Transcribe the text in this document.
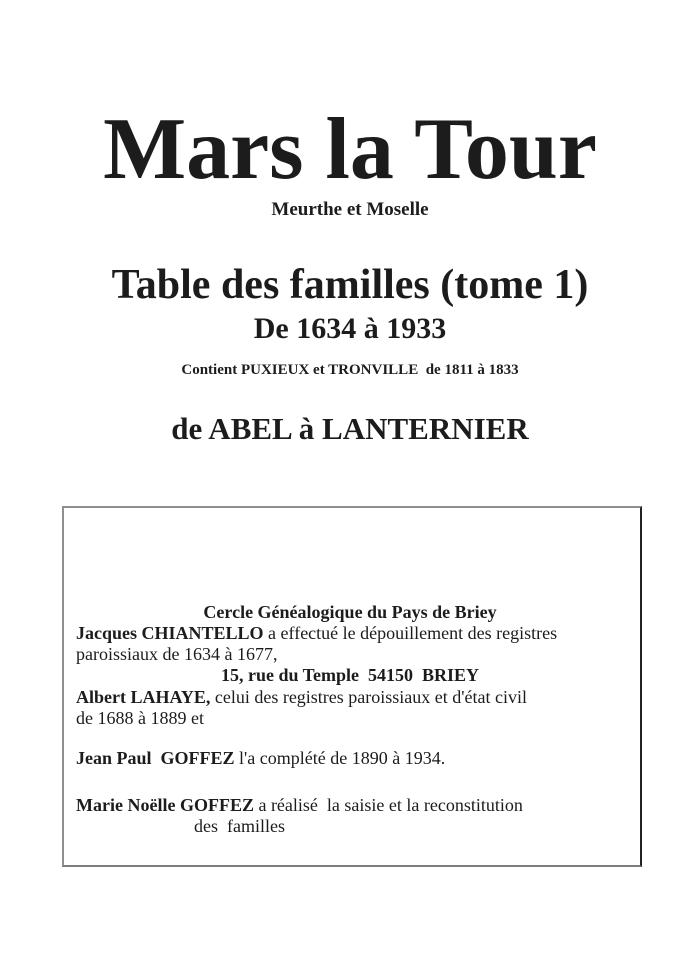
Mars la Tour
Meurthe et Moselle
Table des familles (tome 1)
De 1634 à 1933
Contient PUXIEUX et TRONVILLE  de 1811 à 1833
de ABEL à LANTERNIER

Cercle Généalogique du Pays de Briey

15, rue du Temple  54150  BRIEY

Jacques CHIANTELLO a effectué le dépouillement des registres
paroissiaux de 1634 à 1677,
Albert LAHAYE, celui des registres paroissiaux et d'état civil
de 1688 à 1889 et
Jean Paul  GOFFEZ l'a complété de 1890 à 1934.
Marie Noëlle GOFFEZ a réalisé  la saisie et la reconstitution
des  familles
